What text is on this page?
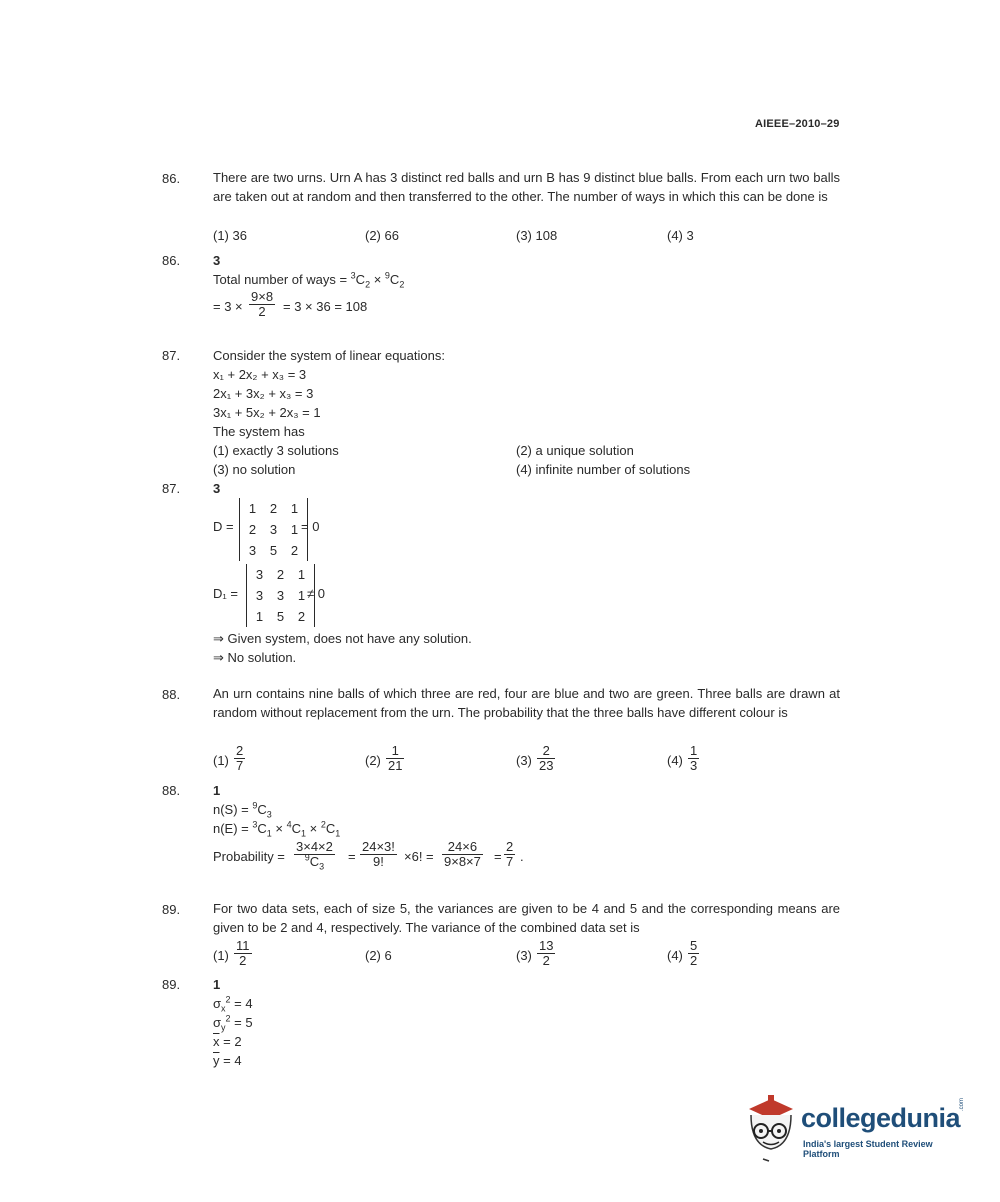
AIEEE–2010–29
86.	There are two urns. Urn A has 3 distinct red balls and urn B has 9 distinct blue balls. From each urn two balls are taken out at random and then transferred to the other. The number of ways in which this can be done is
(1) 36	(2) 66	(3) 108	(4) 3
86.	3
Total number of ways = $^3C_2 \times ^9C_2$
= 3 ×
9×8
2	= 3 × 36 = 108
87.	Consider the system of linear equations:
x₁ + 2x₂ + x₃ = 3
2x₁ + 3x₂ + x₃ = 3
3x₁ + 5x₂ + 2x₃ = 1
The system has
(1) exactly 3 solutions	(2) a unique solution
(3) no solution	(4) infinite number of solutions
87.	3
D =
1 2 1
2 3 1
3 5 2
= 0
D₁ =
3 2 1
3 3 1
1 5 2
≠ 0
⇒ Given system, does not have any solution.
⇒ No solution.
88.	An urn contains nine balls of which three are red, four are blue and two are green. Three balls are drawn at random without replacement from the urn. The probability that the three balls have different colour is
(1)
2
7	(2)
1
21	(3)
2
23	(4)
1
3
88.	1
$n(S) = ^9C_3$
$n(E) = ^3C_1 \times ^4C_1 \times ^2C_1$
Probability =
3×4×2
$^9C_3$
=
24×3!
9!	×6! =
24×6
9×8×7 =
2
7 .
89.	For two data sets, each of size 5, the variances are given to be 4 and 5 and the corresponding means are given to be 2 and 4, respectively. The variance of the combined data set is
(1)
11
2	(2) 6	(3)
13
2	(4)
5
2
89.	1
$\sigma_x^2 = 4$
$\sigma_y^2 = 5$
$\overline{x} = 2$
$\overline{y} = 4$
collegedunia
.com
India's largest Student Review Platform
